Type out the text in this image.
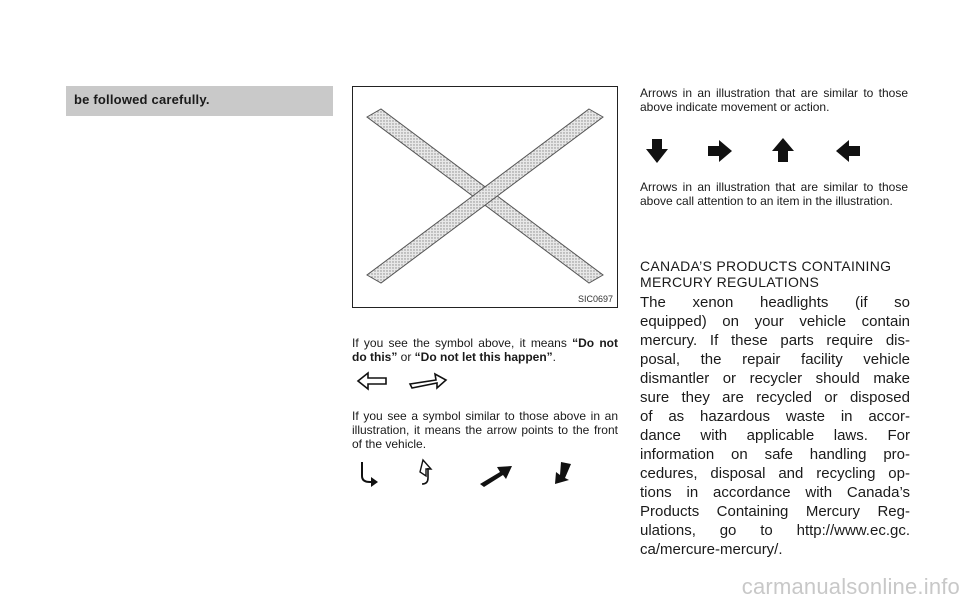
be followed carefully.
SIC0697
If you see the symbol above, it means “Do not do this” or “Do not let this happen”.
If you see a symbol similar to those above in an illustration, it means the arrow points to the front of the vehicle.
Arrows in an illustration that are similar to those above indicate movement or action.
Arrows in an illustration that are similar to those above call attention to an item in the illustration.
CANADA’S PRODUCTS CONTAINING
MERCURY REGULATIONS
The xenon headlights (if so
equipped) on your vehicle contain
mercury. If these parts require dis-
posal, the repair facility vehicle
dismantler or recycler should make
sure they are recycled or disposed
of as hazardous waste in accor-
dance with applicable laws. For
information on safe handling pro-
cedures, disposal and recycling op-
tions in accordance with Canada’s
Products Containing Mercury Reg-
ulations, go to http://www.ec.gc.
ca/mercure-mercury/.
carmanualsonline.info
